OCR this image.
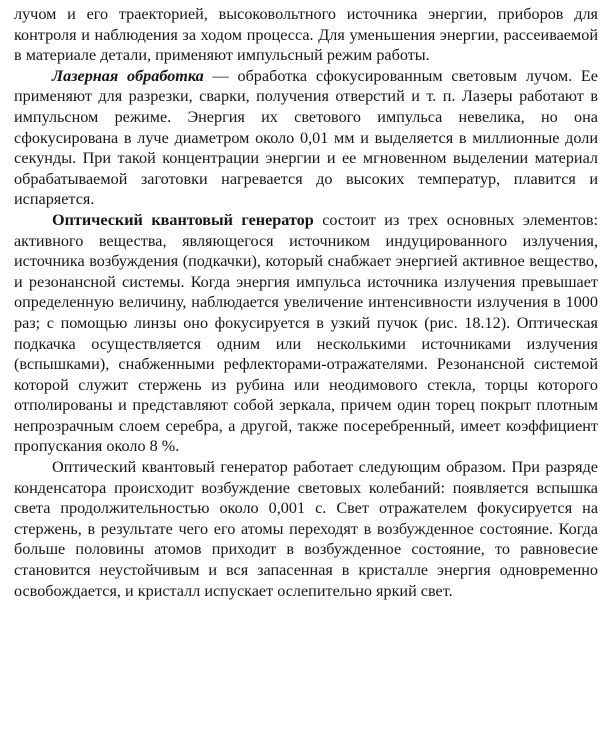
лучом и его траекторией, высоковольтного источника энергии, приборов для контроля и наблюдения за ходом процесса. Для уменьшения энергии, рассеиваемой в материале детали, применяют импульсный режим работы.

Лазерная обработка — обработка сфокусированным световым лучом. Ее применяют для разрезки, сварки, получения отверстий и т. п. Лазеры работают в импульсном режиме. Энергия их светового импульса невелика, но она сфокусирована в луче диаметром около 0,01 мм и выделяется в миллионные доли секунды. При такой концентрации энергии и ее мгновенном выделении материал обрабатываемой заготовки нагревается до высоких температур, плавится и испаряется.

Оптический квантовый генератор состоит из трех основных элементов: активного вещества, являющегося источником индуцированного излучения, источника возбуждения (подкачки), который снабжает энергией активное вещество, и резонансной системы. Когда энергия импульса источника излучения превышает определенную величину, наблюдается увеличение интенсивности излучения в 1000 раз; с помощью линзы оно фокусируется в узкий пучок (рис. 18.12). Оптическая подкачка осуществляется одним или несколькими источниками излучения (вспышками), снабженными рефлекторами-отражателями. Резонансной системой которой служит стержень из рубина или неодимового стекла, торцы которого отполированы и представляют собой зеркала, причем один торец покрыт плотным непрозрачным слоем серебра, а другой, также посеребренный, имеет коэффициент пропускания около 8 %.

Оптический квантовый генератор работает следующим образом. При разряде конденсатора происходит возбуждение световых колебаний: появляется вспышка света продолжительностью около 0,001 с. Свет отражателем фокусируется на стержень, в результате чего его атомы переходят в возбужденное состояние. Когда больше половины атомов приходит в возбужденное состояние, то равновесие становится неустойчивым и вся запасенная в кристалле энергия одновременно освобождается, и кристалл испускает ослепительно яркий свет.
